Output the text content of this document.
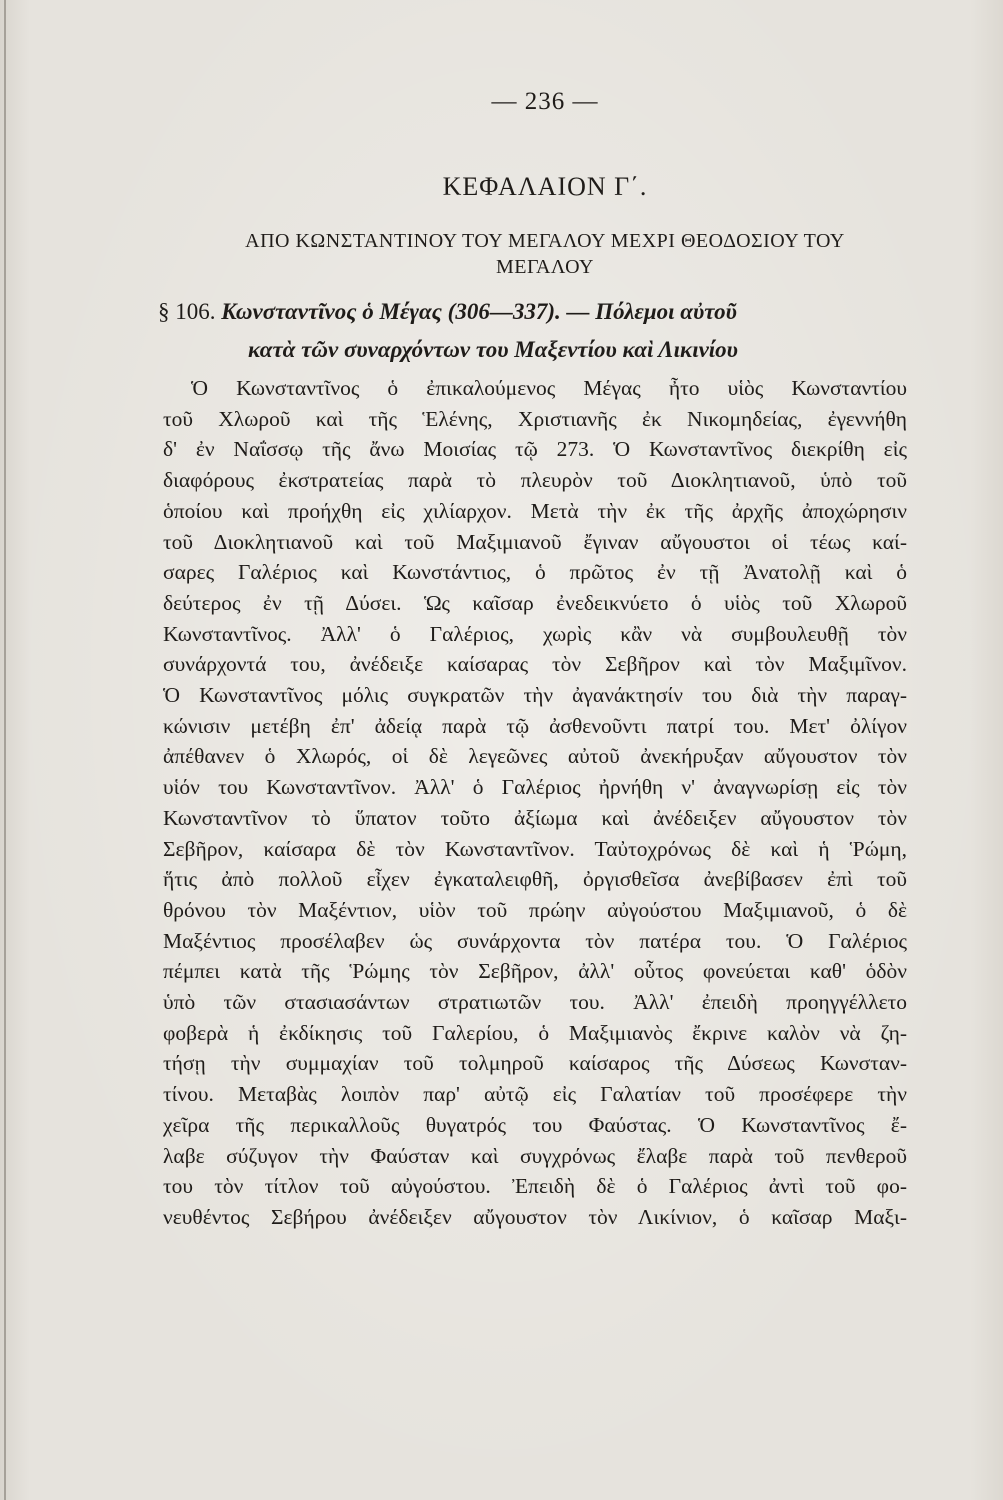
— 236 —
ΚΕΦΑΛΑΙΟΝ Γ΄.
ΑΠΟ ΚΩΝΣΤΑΝΤΙΝΟΥ ΤΟΥ ΜΕΓΑΛΟΥ ΜΕΧΡΙ ΘΕΟΔΟΣΙΟΥ ΤΟΥ ΜΕΓΑΛΟΥ
§ 106. Κωνσταντῖνος ὁ Μέγας (306—337). — Πόλεμοι αὐτοῦ
κατὰ τῶν συναρχόντων του Μαξεντίου καὶ Λικινίου
Ὁ Κωνσταντῖνος ὁ ἐπικαλούμενος Μέγας ἦτο υἱὸς Κωνσταντίου
τοῦ Χλωροῦ καὶ τῆς Ἑλένης, Χριστιανῆς ἐκ Νικομηδείας, ἐγεννήθη
δ' ἐν Ναΐσσῳ τῆς ἄνω Μοισίας τῷ 273. Ὁ Κωνσταντῖνος διεκρίθη εἰς
διαφόρους ἐκστρατείας παρὰ τὸ πλευρὸν τοῦ Διοκλητιανοῦ, ὑπὸ τοῦ
ὁποίου καὶ προήχθη εἰς χιλίαρχον. Μετὰ τὴν ἐκ τῆς ἀρχῆς ἀποχώρησιν
τοῦ Διοκλητιανοῦ καὶ τοῦ Μαξιμιανοῦ ἔγιναν αὔγουστοι οἱ τέως καί-
σαρες Γαλέριος καὶ Κωνστάντιος, ὁ πρῶτος ἐν τῇ Ἀνατολῇ καὶ ὁ
δεύτερος ἐν τῇ Δύσει. Ὡς καῖσαρ ἐνεδεικνύετο ὁ υἱὸς τοῦ Χλωροῦ
Κωνσταντῖνος. Ἀλλ' ὁ Γαλέριος, χωρὶς κἂν νὰ συμβουλευθῇ τὸν
συνάρχοντά του, ἀνέδειξε καίσαρας τὸν Σεβῆρον καὶ τὸν Μαξιμῖνον.
Ὁ Κωνσταντῖνος μόλις συγκρατῶν τὴν ἀγανάκτησίν του διὰ τὴν παραγ-
κώνισιν μετέβη ἐπ' ἀδείᾳ παρὰ τῷ ἀσθενοῦντι πατρί του. Μετ' ὀλίγον
ἀπέθανεν ὁ Χλωρός, οἱ δὲ λεγεῶνες αὐτοῦ ἀνεκήρυξαν αὔγουστον τὸν
υἱόν του Κωνσταντῖνον. Ἀλλ' ὁ Γαλέριος ἠρνήθη ν' ἀναγνωρίσῃ εἰς τὸν
Κωνσταντῖνον τὸ ὕπατον τοῦτο ἀξίωμα καὶ ἀνέδειξεν αὔγουστον τὸν
Σεβῆρον, καίσαρα δὲ τὸν Κωνσταντῖνον. Ταὐτοχρόνως δὲ καὶ ἡ Ῥώμη,
ἥτις ἀπὸ πολλοῦ εἶχεν ἐγκαταλειφθῆ, ὀργισθεῖσα ἀνεβίβασεν ἐπὶ τοῦ
θρόνου τὸν Μαξέντιον, υἱὸν τοῦ πρώην αὐγούστου Μαξιμιανοῦ, ὁ δὲ
Μαξέντιος προσέλαβεν ὡς συνάρχοντα τὸν πατέρα του. Ὁ Γαλέριος
πέμπει κατὰ τῆς Ῥώμης τὸν Σεβῆρον, ἀλλ' οὗτος φονεύεται καθ' ὁδὸν
ὑπὸ τῶν στασιασάντων στρατιωτῶν του. Ἀλλ' ἐπειδὴ προηγγέλλετο
φοβερὰ ἡ ἐκδίκησις τοῦ Γαλερίου, ὁ Μαξιμιανὸς ἔκρινε καλὸν νὰ ζη-
τήσῃ τὴν συμμαχίαν τοῦ τολμηροῦ καίσαρος τῆς Δύσεως Κωνσταν-
τίνου. Μεταβὰς λοιπὸν παρ' αὐτῷ εἰς Γαλατίαν τοῦ προσέφερε τὴν
χεῖρα τῆς περικαλλοῦς θυγατρός του Φαύστας. Ὁ Κωνσταντῖνος ἔ-
λαβε σύζυγον τὴν Φαύσταν καὶ συγχρόνως ἔλαβε παρὰ τοῦ πενθεροῦ
του τὸν τίτλον τοῦ αὐγούστου. Ἐπειδὴ δὲ ὁ Γαλέριος ἀντὶ τοῦ φο-
νευθέντος Σεβήρου ἀνέδειξεν αὔγουστον τὸν Λικίνιον, ὁ καῖσαρ Μαξι-
